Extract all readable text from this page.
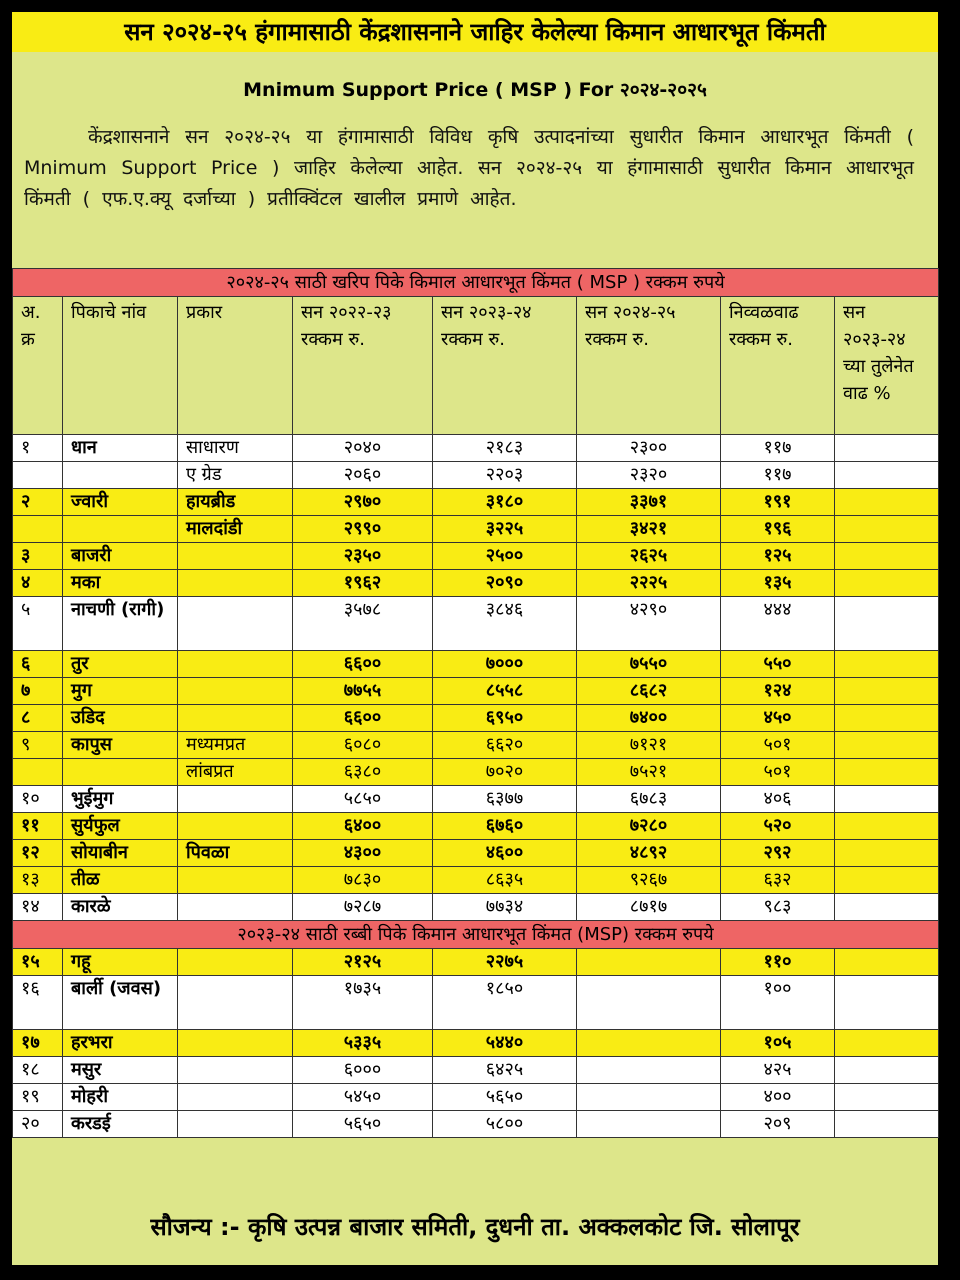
सन २०२४-२५ हंगामासाठी केंद्रशासनाने जाहिर केलेल्या किमान आधारभूत किंमती
Mnimum Support Price ( MSP ) For २०२४-२०२५
केंद्रशासनाने सन २०२४-२५ या हंगामासाठी विविध कृषि उत्पादनांच्या सुधारीत किमान आधारभूत किंमती ( Mnimum Support Price ) जाहिर केलेल्या आहेत. सन २०२४-२५ या हंगामासाठी सुधारीत किमान आधारभूत किंमती ( एफ.ए.क्यू दर्जाच्या ) प्रतीक्विंटल खालील प्रमाणे आहेत.
२०२४-२५ साठी खरिप पिके किमाल आधारभूत किंमत ( MSP ) रक्कम रुपये							
अ. क्र	पिकाचे नांव	प्रकार	सन २०२२-२३ रक्कम रु.	सन २०२३-२४ रक्कम रु.	सन २०२४-२५ रक्कम रु.	निव्वळवाढ रक्कम रु.	सन २०२३-२४ च्या तुलेनेत वाढ %
१	धान	साधारण	२०४०	२१८३	२३००	११७	
		ए ग्रेड	२०६०	२२०३	२३२०	११७	
२	ज्वारी	हायब्रीड	२९७०	३१८०	३३७१	१९१	
		मालदांडी	२९९०	३२२५	३४२१	१९६	
३	बाजरी		२३५०	२५००	२६२५	१२५	
४	मका		१९६२	२०९०	२२२५	१३५	
५	नाचणी (रागी)		३५७८	३८४६	४२९०	४४४	
६	तुर		६६००	७०००	७५५०	५५०	
७	मुग		७७५५	८५५८	८६८२	१२४	
८	उडिद		६६००	६९५०	७४००	४५०	
९	कापुस	मध्यमप्रत	६०८०	६६२०	७१२१	५०१	
		लांबप्रत	६३८०	७०२०	७५२१	५०१	
१०	भुईमुग		५८५०	६३७७	६७८३	४०६	
११	सुर्यफुल		६४००	६७६०	७२८०	५२०	
१२	सोयाबीन	पिवळा	४३००	४६००	४८९२	२९२	
१३	तीळ		७८३०	८६३५	९२६७	६३२	
१४	कारळे		७२८७	७७३४	८७१७	९८३	
२०२३-२४ साठी रब्बी पिके किमान आधारभूत किंमत (MSP) रक्कम रुपये							
१५	गहू		२१२५	२२७५		११०	
१६	बार्ली (जवस)		१७३५	१८५०		१००	
१७	हरभरा		५३३५	५४४०		१०५	
१८	मसुर		६०००	६४२५		४२५	
१९	मोहरी		५४५०	५६५०		४००	
२०	करडई		५६५०	५८००		२०९	
सौजन्य :- कृषि उत्पन्न बाजार समिती, दुधनी ता. अक्कलकोट जि. सोलापूर
